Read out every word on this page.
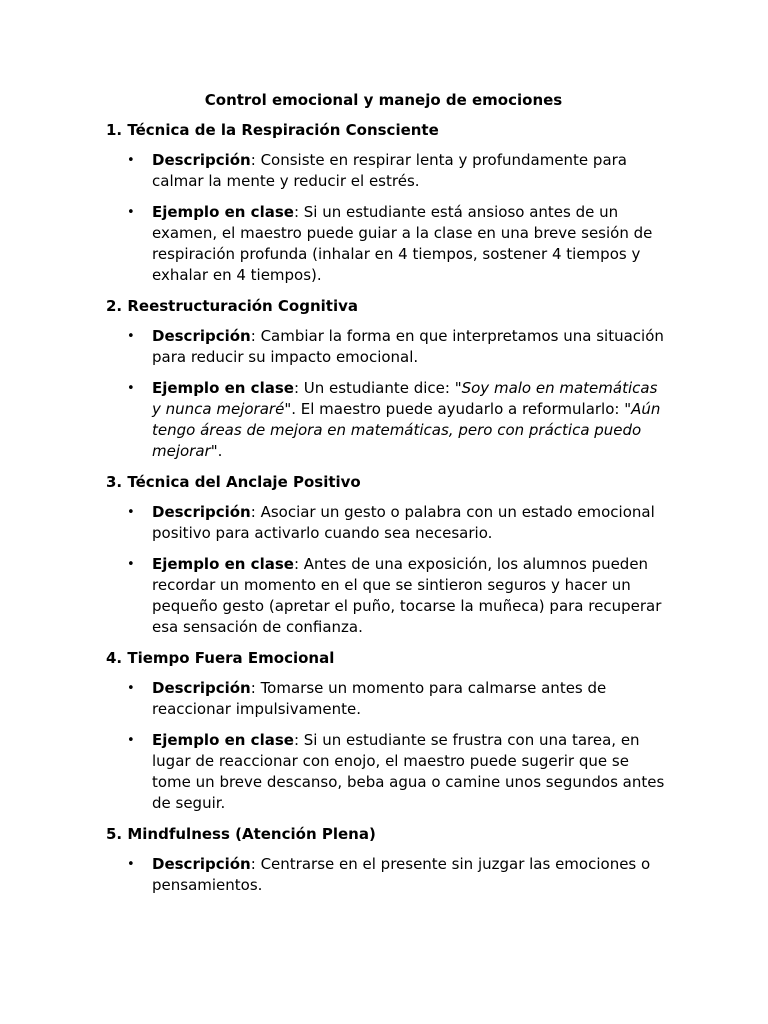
Control emocional y manejo de emociones
1. Técnica de la Respiración Consciente
• Descripción: Consiste en respirar lenta y profundamente para calmar la mente y reducir el estrés.
• Ejemplo en clase: Si un estudiante está ansioso antes de un examen, el maestro puede guiar a la clase en una breve sesión de respiración profunda (inhalar en 4 tiempos, sostener 4 tiempos y exhalar en 4 tiempos).
2. Reestructuración Cognitiva
• Descripción: Cambiar la forma en que interpretamos una situación para reducir su impacto emocional.
• Ejemplo en clase: Un estudiante dice: "Soy malo en matemáticas y nunca mejoraré". El maestro puede ayudarlo a reformularlo: "Aún tengo áreas de mejora en matemáticas, pero con práctica puedo mejorar".
3. Técnica del Anclaje Positivo
• Descripción: Asociar un gesto o palabra con un estado emocional positivo para activarlo cuando sea necesario.
• Ejemplo en clase: Antes de una exposición, los alumnos pueden recordar un momento en el que se sintieron seguros y hacer un pequeño gesto (apretar el puño, tocarse la muñeca) para recuperar esa sensación de confianza.
4. Tiempo Fuera Emocional
• Descripción: Tomarse un momento para calmarse antes de reaccionar impulsivamente.
• Ejemplo en clase: Si un estudiante se frustra con una tarea, en lugar de reaccionar con enojo, el maestro puede sugerir que se tome un breve descanso, beba agua o camine unos segundos antes de seguir.
5. Mindfulness (Atención Plena)
• Descripción: Centrarse en el presente sin juzgar las emociones o pensamientos.
